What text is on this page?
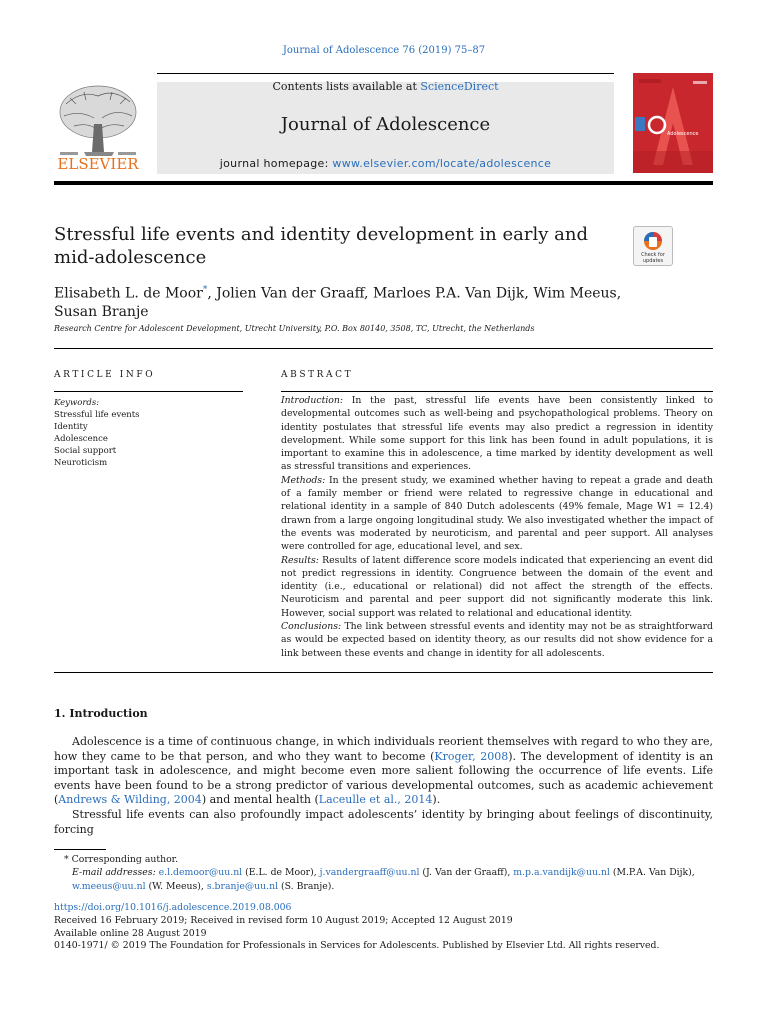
Journal of Adolescence 76 (2019) 75–87
ELSEVIER
Contents lists available at ScienceDirect
Journal of Adolescence
journal homepage: www.elsevier.com/locate/adolescence
Adolescence
Stressful life events and identity development in early and mid-adolescence	Check for updates
Elisabeth L. de Moor*, Jolien Van der Graaff, Marloes P.A. Van Dijk, Wim Meeus, Susan Branje
Research Centre for Adolescent Development, Utrecht University, P.O. Box 80140, 3508, TC, Utrecht, the Netherlands
ARTICLE INFO
Keywords:
Stressful life events
Identity
Adolescence
Social support
Neuroticism
ABSTRACT

Introduction: In the past, stressful life events have been consistently linked to developmental outcomes such as well-being and psychopathological problems. Theory on identity postulates that stressful life events may also predict a regression in identity development. While some support for this link has been found in adult populations, it is important to examine this in adolescence, a time marked by identity development as well as stressful transitions and experiences.

Methods: In the present study, we examined whether having to repeat a grade and death of a family member or friend were related to regressive change in educational and relational identity in a sample of 840 Dutch adolescents (49% female, Mage W1 = 12.4) drawn from a large ongoing longitudinal study. We also investigated whether the impact of the events was moderated by neuroticism, and parental and peer support. All analyses were controlled for age, educational level, and sex.

Results: Results of latent difference score models indicated that experiencing an event did not predict regressions in identity. Congruence between the domain of the event and identity (i.e., educational or relational) did not affect the strength of the effects. Neuroticism and parental and peer support did not significantly moderate this link. However, social support was related to relational and educational identity.

Conclusions: The link between stressful events and identity may not be as straightforward as would be expected based on identity theory, as our results did not show evidence for a link between these events and change in identity for all adolescents.

1. Introduction

Adolescence is a time of continuous change, in which individuals reorient themselves with regard to who they are, how they came to be that person, and who they want to become (Kroger, 2008). The development of identity is an important task in adolescence, and might become even more salient following the occurrence of life events. Life events have been found to be a strong predictor of various developmental outcomes, such as academic achievement (Andrews & Wilding, 2004) and mental health (Laceulle et al., 2014).

Stressful life events can also profoundly impact adolescents’ identity by bringing about feelings of discontinuity, forcing

* Corresponding author.

E-mail addresses: e.l.demoor@uu.nl (E.L. de Moor), j.vandergraaff@uu.nl (J. Van der Graaff), m.p.a.vandijk@uu.nl (M.P.A. Van Dijk), w.meeus@uu.nl (W. Meeus), s.branje@uu.nl (S. Branje).

https://doi.org/10.1016/j.adolescence.2019.08.006
Received 16 February 2019; Received in revised form 10 August 2019; Accepted 12 August 2019
Available online 28 August 2019
0140-1971/ © 2019 The Foundation for Professionals in Services for Adolescents. Published by Elsevier Ltd. All rights reserved.
